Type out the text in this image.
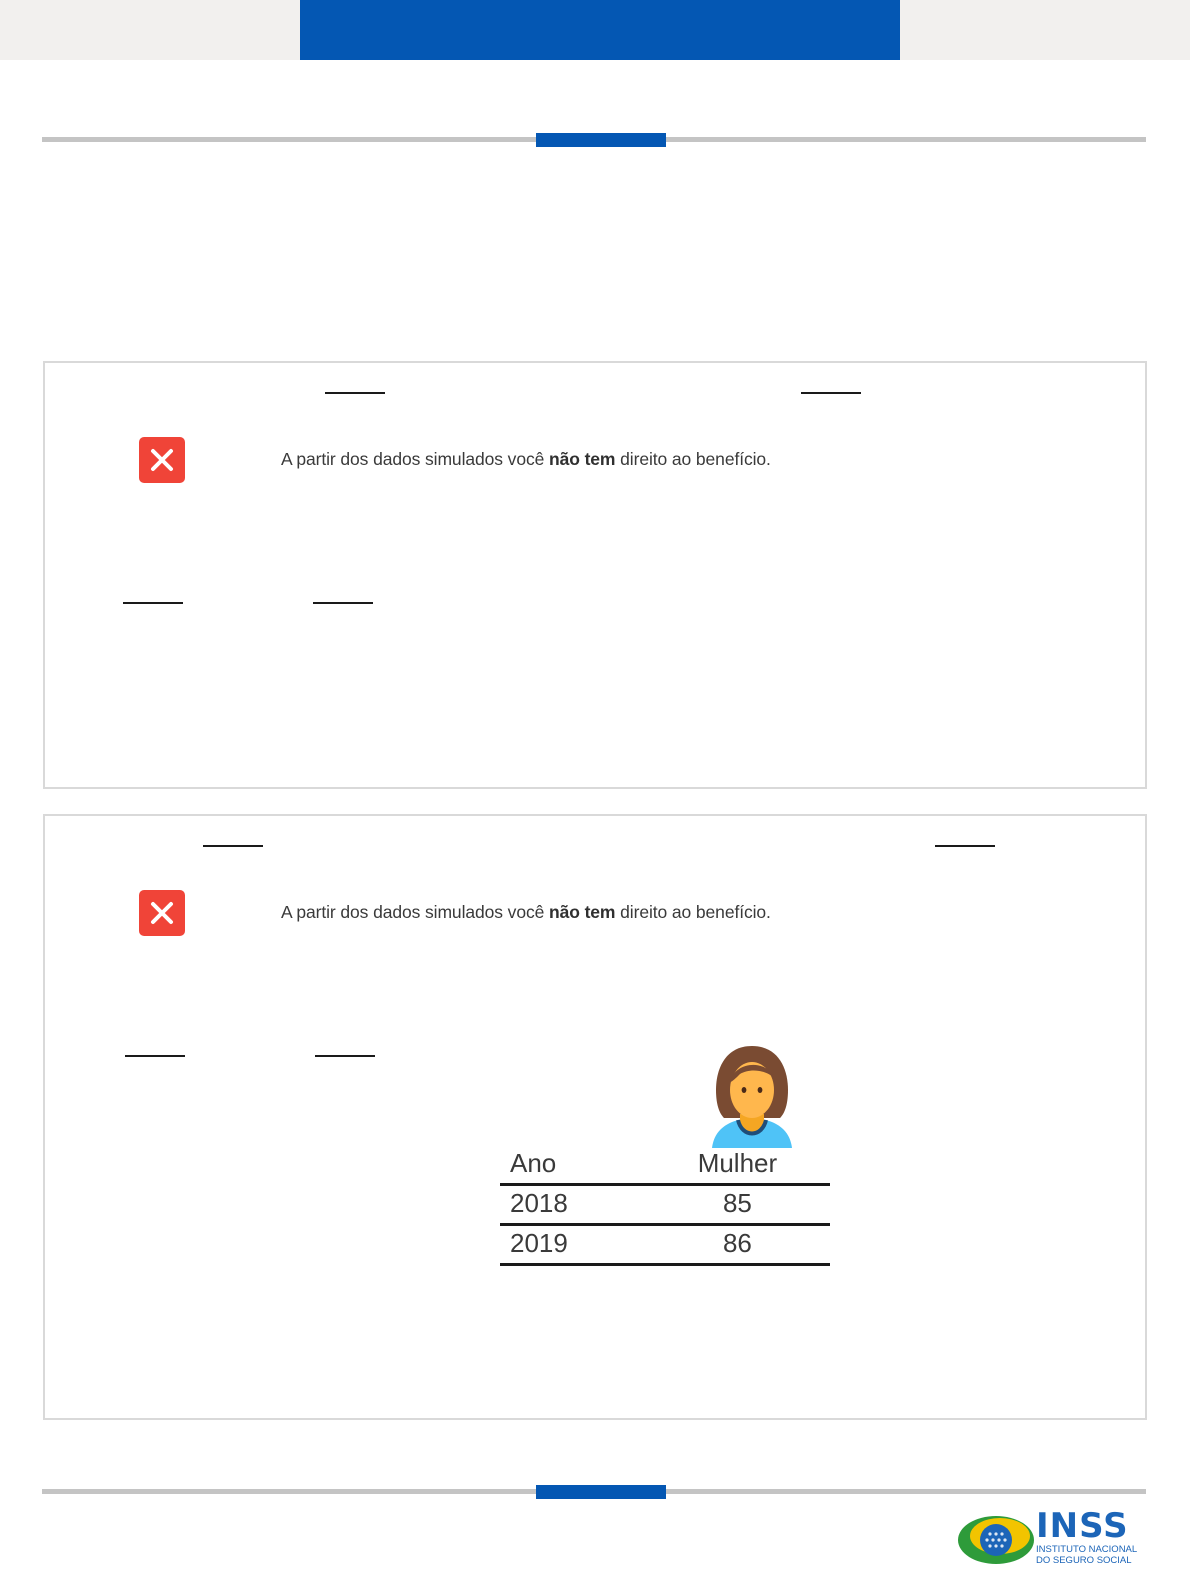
A partir dos dados simulados você não tem direito ao benefício.
A partir dos dados simulados você não tem direito ao benefício.
Ano	Mulher
2018	85
2019	86
INSS
INSTITUTO NACIONAL
DO SEGURO SOCIAL
